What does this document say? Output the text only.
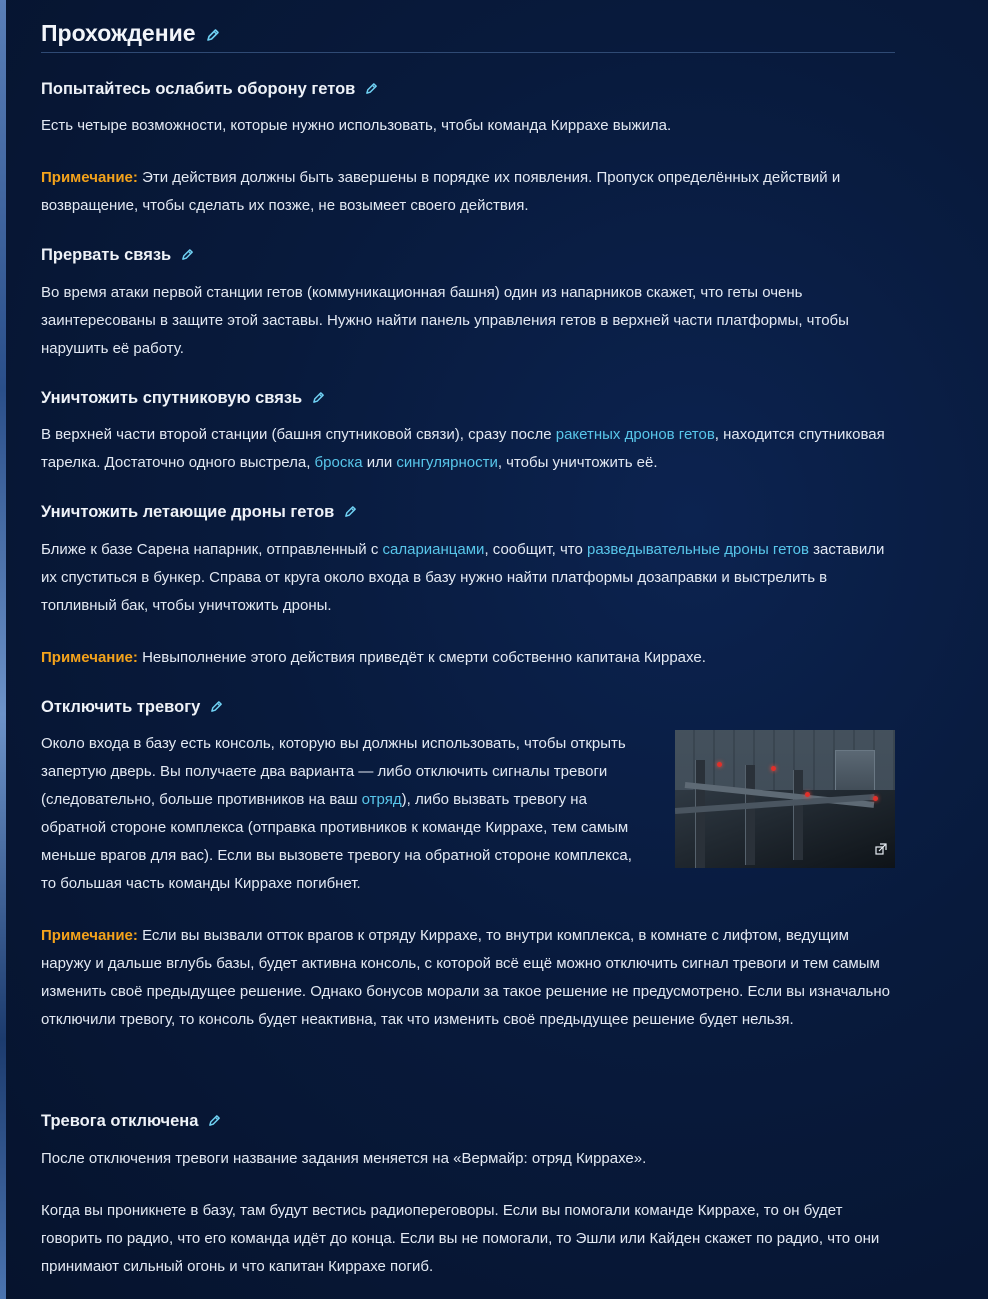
Прохождение
Попытайтесь ослабить оборону гетов

Есть четыре возможности, которые нужно использовать, чтобы команда Киррахе выжила.

Примечание: Эти действия должны быть завершены в порядке их появления. Пропуск определённых действий и возвращение, чтобы сделать их позже, не возымеет своего действия.

Прервать связь

Во время атаки первой станции гетов (коммуникационная башня) один из напарников скажет, что геты очень заинтересованы в защите этой заставы. Нужно найти панель управления гетов в верхней части платформы, чтобы нарушить её работу.

Уничтожить спутниковую связь

В верхней части второй станции (башня спутниковой связи), сразу после ракетных дронов гетов, находится спутниковая тарелка. Достаточно одного выстрела, броска или сингулярности, чтобы уничтожить её.

Уничтожить летающие дроны гетов

Ближе к базе Сарена напарник, отправленный с саларианцами, сообщит, что разведывательные дроны гетов заставили их спуститься в бункер. Справа от круга около входа в базу нужно найти платформы дозаправки и выстрелить в топливный бак, чтобы уничтожить дроны.

Примечание: Невыполнение этого действия приведёт к смерти собственно капитана Киррахе.

Отключить тревогу

Около входа в базу есть консоль, которую вы должны использовать, чтобы открыть запертую дверь. Вы получаете два варианта — либо отключить сигналы тревоги (следовательно, больше противников на ваш отряд), либо вызвать тревогу на обратной стороне комплекса (отправка противников к команде Киррахе, тем самым меньше врагов для вас). Если вы вызовете тревогу на обратной стороне комплекса, то большая часть команды Киррахе погибнет.

Примечание: Если вы вызвали отток врагов к отряду Киррахе, то внутри комплекса, в комнате с лифтом, ведущим наружу и дальше вглубь базы, будет активна консоль, с которой всё ещё можно отключить сигнал тревоги и тем самым изменить своё предыдущее решение. Однако бонусов морали за такое решение не предусмотрено. Если вы изначально отключили тревогу, то консоль будет неактивна, так что изменить своё предыдущее решение будет нельзя.

Тревога отключена

После отключения тревоги название задания меняется на «Вермайр: отряд Киррахе».

Когда вы проникнете в базу, там будут вестись радиопереговоры. Если вы помогали команде Киррахе, то он будет говорить по радио, что его команда идёт до конца. Если вы не помогали, то Эшли или Кайден скажет по радио, что они принимают сильный огонь и что капитан Киррахе погиб.
